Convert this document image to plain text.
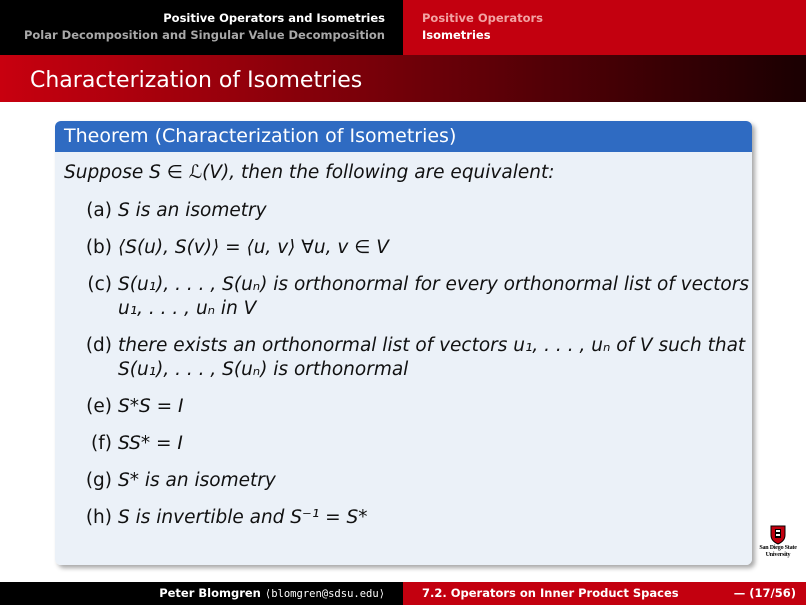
Positive Operators and Isometries
Polar Decomposition and Singular Value Decomposition
Positive Operators
Isometries
Characterization of Isometries
Theorem (Characterization of Isometries)
Suppose S ∈ ℒ(V), then the following are equivalent:
(a) S is an isometry
(b) ⟨S(u), S(v)⟩ = ⟨u, v⟩ ∀u, v ∈ V
(c) S(u₁), . . . , S(uₙ) is orthonormal for every orthonormal list of vectors
u₁, . . . , uₙ in V
(d) there exists an orthonormal list of vectors u₁, . . . , uₙ of V such that
S(u₁), . . . , S(uₙ) is orthonormal
(e) S*S = I
(f) SS* = I
(g) S* is an isometry
(h) S is invertible and S⁻¹ = S*
San Diego State
University
Peter Blomgren ⟨blomgren@sdsu.edu⟩	7.2. Operators on Inner Product Spaces	— (17/56)
